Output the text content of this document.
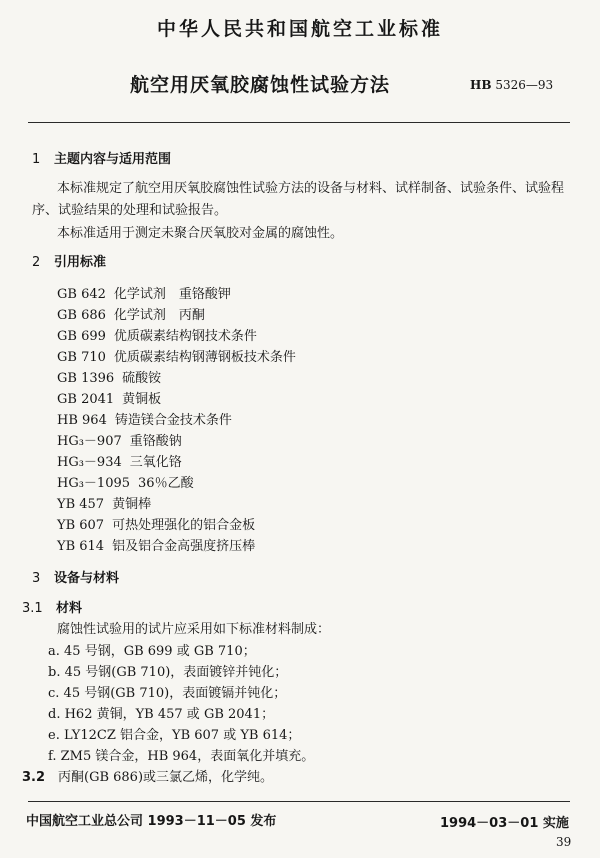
中华人民共和国航空工业标准
航空用厌氧胶腐蚀性试验方法	HB 5326—93
1 主题内容与适用范围
本标准规定了航空用厌氧胶腐蚀性试验方法的设备与材料、试样制备、试验条件、试验程
序、试验结果的处理和试验报告。
本标准适用于测定未聚合厌氧胶对金属的腐蚀性。
2 引用标准
GB 642 化学试剂　重铬酸钾
GB 686 化学试剂　丙酮
GB 699 优质碳素结构钢技术条件
GB 710 优质碳素结构钢薄钢板技术条件
GB 1396 硫酸铵
GB 2041 黄铜板
HB 964 铸造镁合金技术条件
HG₃－907 重铬酸钠
HG₃－934 三氧化铬
HG₃－1095 36％乙酸
YB 457 黄铜棒
YB 607 可热处理强化的铝合金板
YB 614 铝及铝合金高强度挤压棒
3 设备与材料
3.1 材料
腐蚀性试验用的试片应采用如下标准材料制成：
a. 45 号钢，GB 699 或 GB 710；
b. 45 号钢(GB 710)，表面镀锌并钝化；
c. 45 号钢(GB 710)，表面镀镉并钝化；
d. H62 黄铜，YB 457 或 GB 2041；
e. LY12CZ 铝合金，YB 607 或 YB 614；
f. ZM5 镁合金，HB 964，表面氧化并填充。
3.2 丙酮(GB 686)或三氯乙烯，化学纯。
中国航空工业总公司 1993－11－05 发布	1994－03－01 实施
39
